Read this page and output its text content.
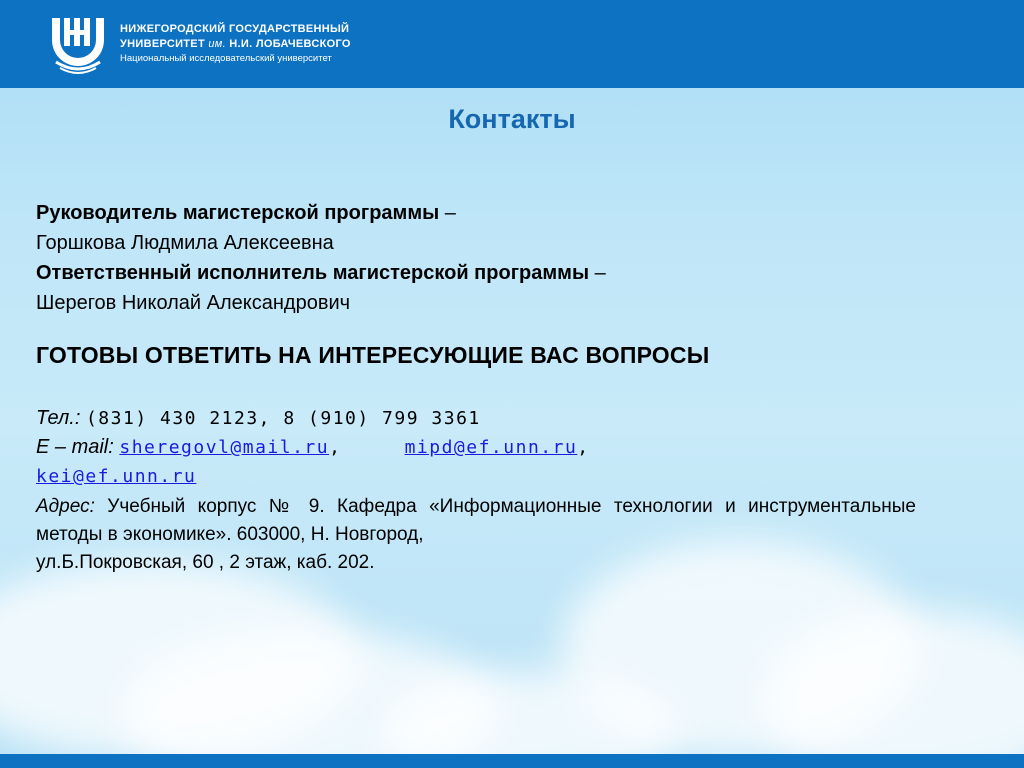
НИЖЕГОРОДСКИЙ ГОСУДАРСТВЕННЫЙ
УНИВЕРСИТЕТ им. Н.И. ЛОБАЧЕВСКОГО
Национальный исследовательский университет
Контакты
Руководитель магистерской программы –
Горшкова Людмила Алексеевна
Ответственный исполнитель магистерской программы –
Шерегов Николай Александрович
ГОТОВЫ ОТВЕТИТЬ НА ИНТЕРЕСУЮЩИЕ ВАС ВОПРОСЫ
Тел.: (831) 430 2123, 8 (910) 799 3361
E – mail: sheregovl@mail.ru,	mipd@ef.unn.ru,
kei@ef.unn.ru
Адрес: Учебный корпус № 9. Кафедра «Информационные технологии и инструментальные методы в экономике». 603000, Н. Новгород,
ул.Б.Покровская, 60 , 2 этаж, каб. 202.
